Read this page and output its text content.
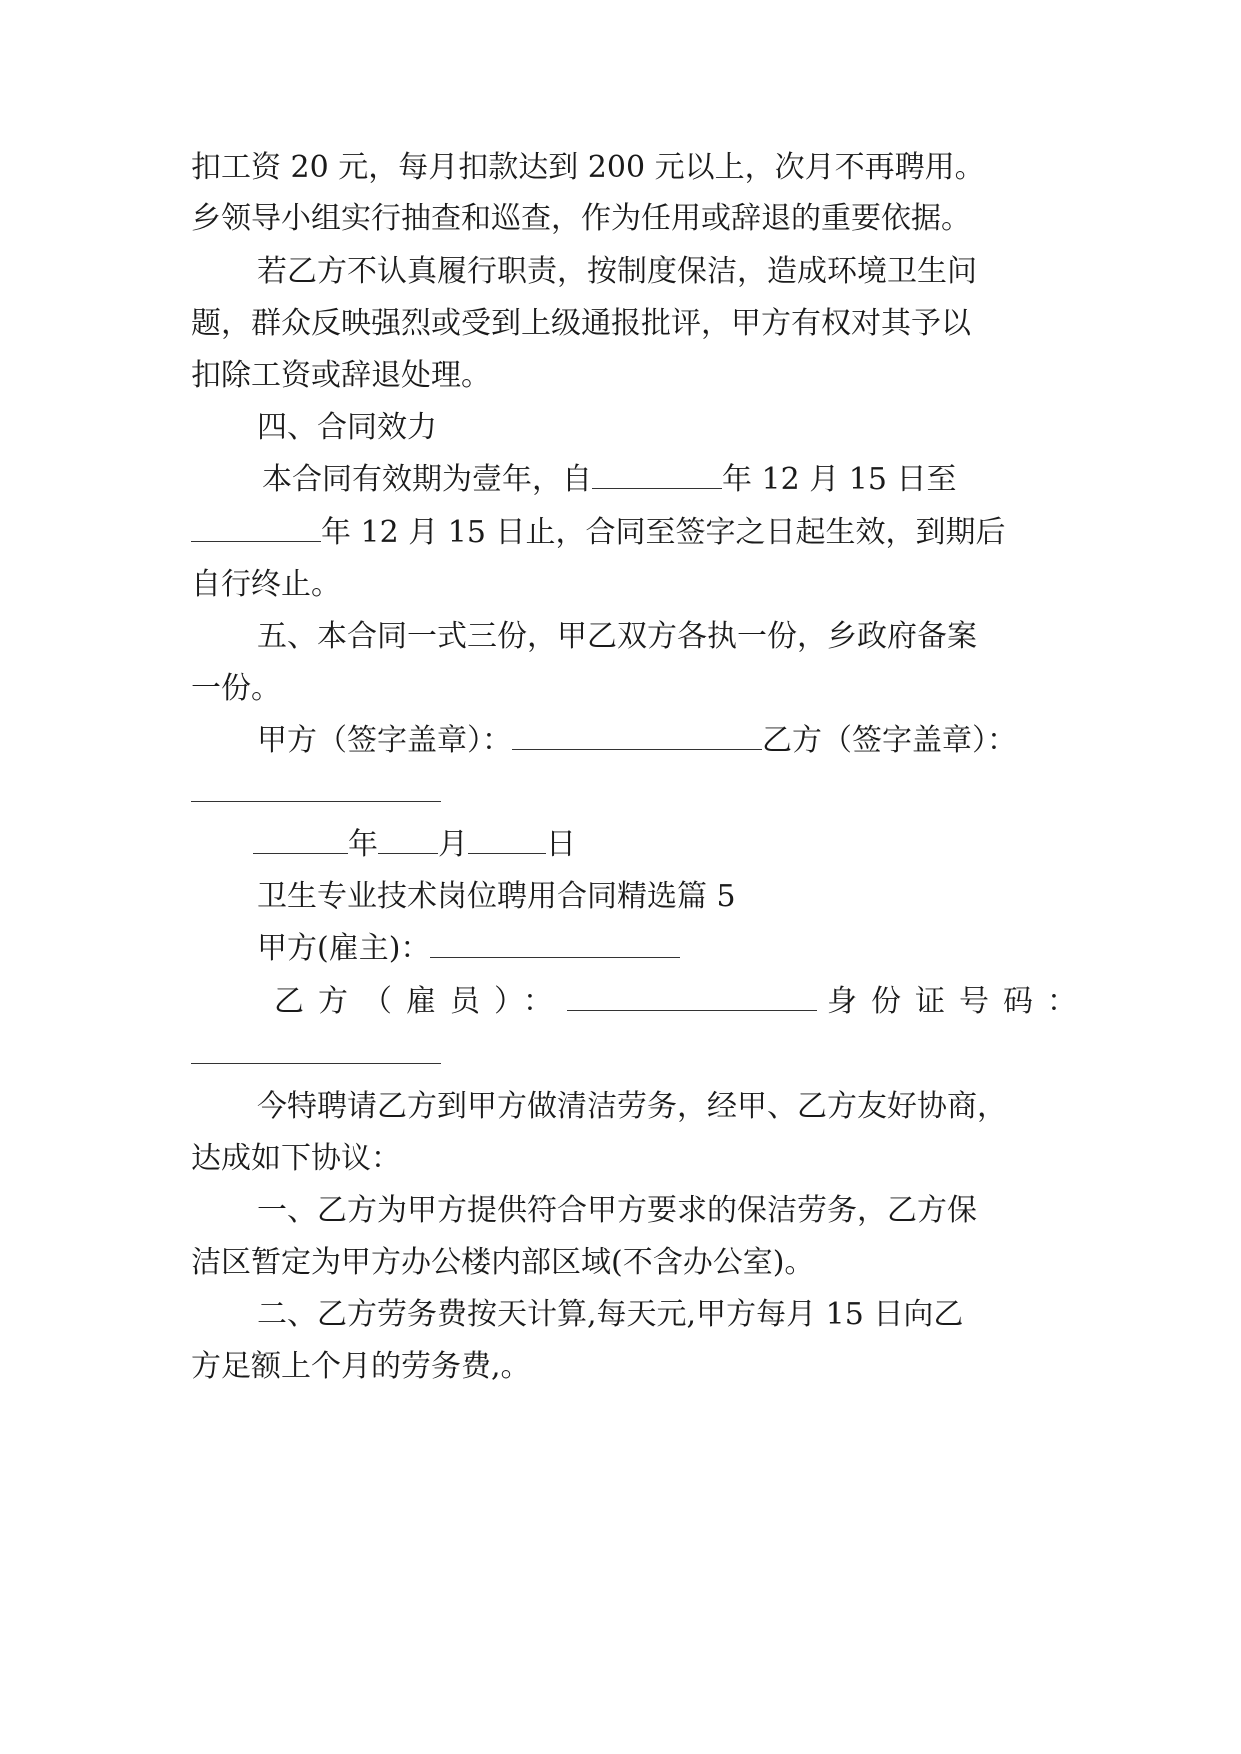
扣工资 20 元，每月扣款达到 200 元以上，次月不再聘用。

乡领导小组实行抽查和巡查，作为任用或辞退的重要依据。

若乙方不认真履行职责，按制度保洁，造成环境卫生问

题，群众反映强烈或受到上级通报批评，甲方有权对其予以

扣除工资或辞退处理。

四、合同效力

本合同有效期为壹年，自	年 12 月 15 日至

年 12 月 15 日止，合同至签字之日起生效，到期后

自行终止。

五、本合同一式三份，甲乙双方各执一份，乡政府备案

一份。

甲方（签字盖章）：	乙方（签字盖章）：

年 月	日

卫生专业技术岗位聘用合同精选篇 5

甲方(雇主)：

乙方（雇员）：	身份证号码：

今特聘请乙方到甲方做清洁劳务，经甲、乙方友好协商，

达成如下协议：

一、乙方为甲方提供符合甲方要求的保洁劳务，乙方保

洁区暂定为甲方办公楼内部区域(不含办公室)。

二、乙方劳务费按天计算,每天元,甲方每月 15 日向乙

方足额上个月的劳务费,。
